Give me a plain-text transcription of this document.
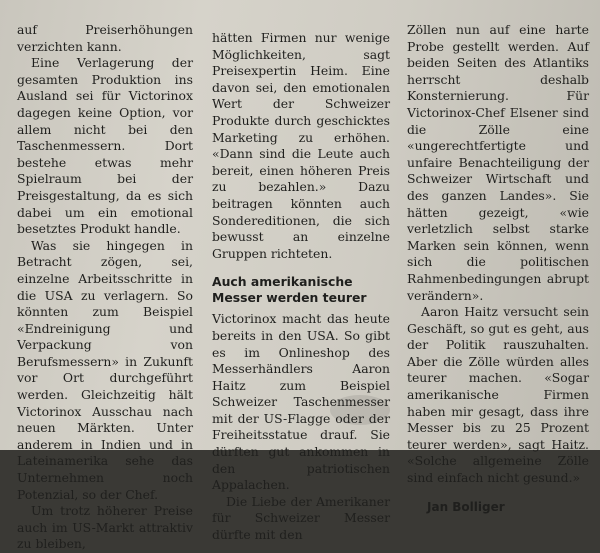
auf Preiserhöhungen verzichten kann.

Eine Verlagerung der gesamten Produktion ins Ausland sei für Victorinox dagegen keine Option, vor allem nicht bei den Taschenmessern. Dort bestehe etwas mehr Spielraum bei der Preisgestaltung, da es sich dabei um ein emotional besetztes Produkt handle.

Was sie hingegen in Betracht zögen, sei, einzelne Arbeitsschritte in die USA zu verlagern. So könnten zum Beispiel «Endreinigung und Verpackung von Berufsmessern» in Zukunft vor Ort durchgeführt werden. Gleichzeitig hält Victorinox Ausschau nach neuen Märkten. Unter anderem in Indien und in Lateinamerika sehe das Unternehmen noch Potenzial, so der Chef.

Um trotz höherer Preise auch im US-Markt attraktiv zu bleiben,

hätten Firmen nur wenige Möglichkeiten, sagt Preisexpertin Heim. Eine davon sei, den emotionalen Wert der Schweizer Produkte durch geschicktes Marketing zu erhöhen. «Dann sind die Leute auch bereit, einen höheren Preis zu bezahlen.» Dazu beitragen könnten auch Sondereditionen, die sich bewusst an einzelne Gruppen richteten.

Auch amerikanische Messer werden teurer

Victorinox macht das heute bereits in den USA. So gibt es im Onlineshop des Messerhändlers Aaron Haitz zum Beispiel Schweizer Taschenmesser mit der US-Flagge oder der Freiheitsstatue drauf. Sie dürften gut ankommen in den patriotischen Appalachen.

Die Liebe der Amerikaner für Schweizer Messer dürfte mit den

Zöllen nun auf eine harte Probe gestellt werden. Auf beiden Seiten des Atlantiks herrscht deshalb Konsternierung. Für Victorinox-Chef Elsener sind die Zölle eine «ungerechtfertigte und unfaire Benachteiligung der Schweizer Wirtschaft und des ganzen Landes». Sie hätten gezeigt, «wie verletzlich selbst starke Marken sein können, wenn sich die politischen Rahmenbedingungen abrupt verändern».

Aaron Haitz versucht sein Geschäft, so gut es geht, aus der Politik rauszuhalten. Aber die Zölle würden alles teurer machen. «Sogar amerikanische Firmen haben mir gesagt, dass ihre Messer bis zu 25 Prozent teurer werden», sagt Haitz. «Solche allgemeine Zölle sind einfach nicht gesund.»

Jan Bolliger
